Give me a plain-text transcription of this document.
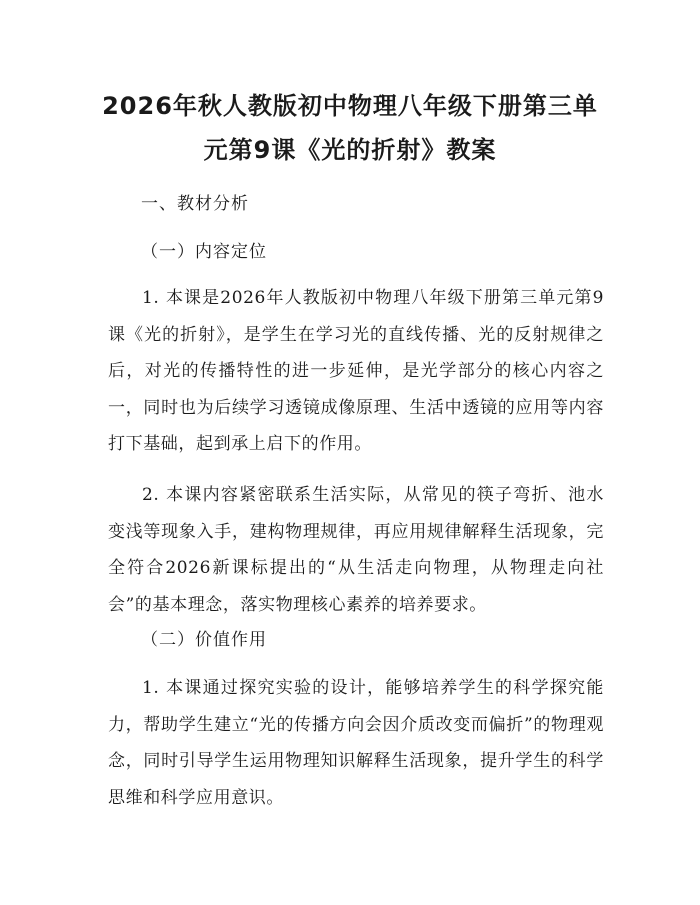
2026年秋人教版初中物理八年级下册第三单
元第9课《光的折射》教案

一、教材分析

（一）内容定位

1. 本课是2026年人教版初中物理八年级下册第三单元第9课《光的折射》，是学生在学习光的直线传播、光的反射规律之后，对光的传播特性的进一步延伸，是光学部分的核心内容之一，同时也为后续学习透镜成像原理、生活中透镜的应用等内容打下基础，起到承上启下的作用。

2. 本课内容紧密联系生活实际，从常见的筷子弯折、池水变浅等现象入手，建构物理规律，再应用规律解释生活现象，完全符合2026新课标提出的“从生活走向物理，从物理走向社会”的基本理念，落实物理核心素养的培养要求。

（二）价值作用

1. 本课通过探究实验的设计，能够培养学生的科学探究能力，帮助学生建立“光的传播方向会因介质改变而偏折”的物理观念，同时引导学生运用物理知识解释生活现象，提升学生的科学思维和科学应用意识。
